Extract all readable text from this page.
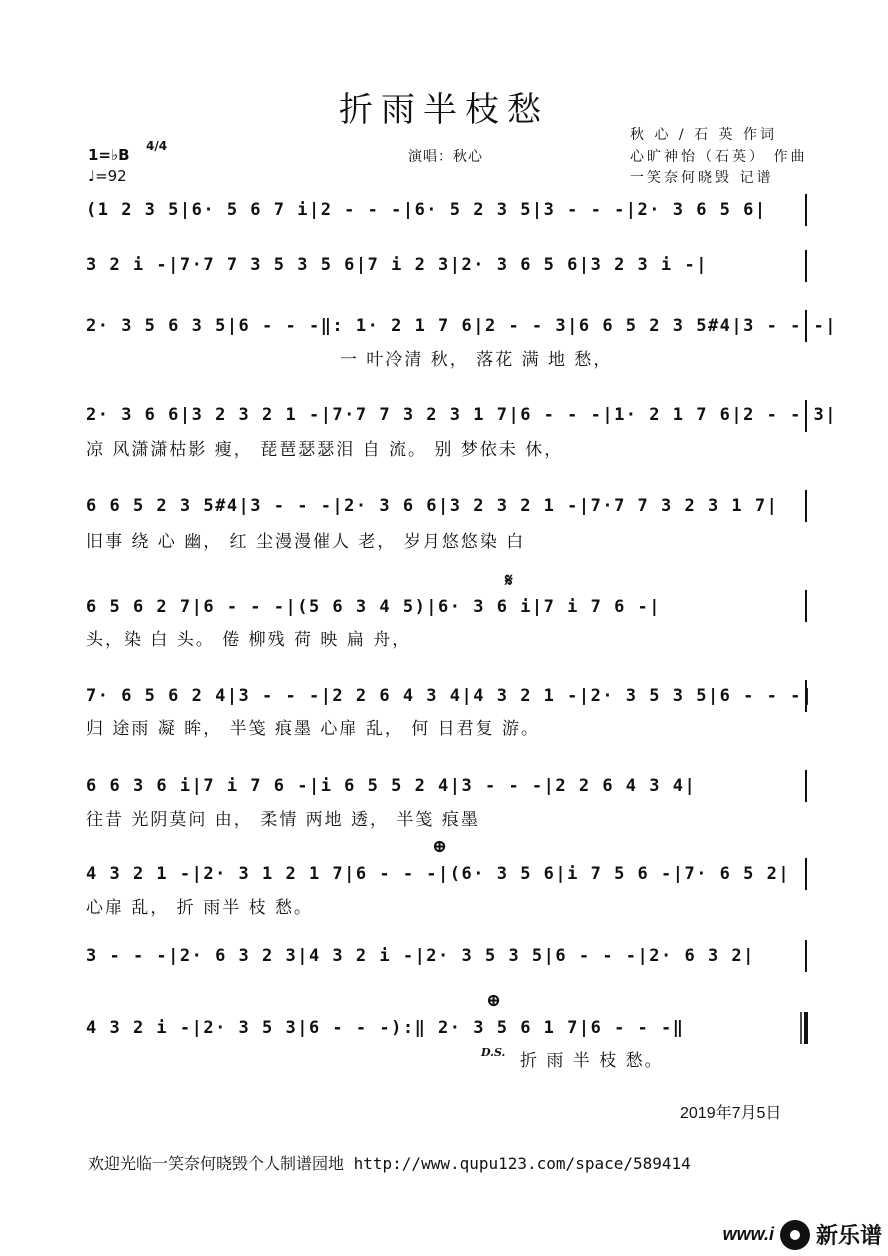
折雨半枝愁
秋 心 / 石 英 作词
心旷神怡（石英） 作曲
一笑奈何晓毁 记谱
1=♭B 4/4
♩=92
演唱：秋心
(1 2 3 5|6· 5 6 7 i|2 - - -|6· 5 2 3 5|3 - - -|2· 3 6 5 6|
3 2 i -|7·7 7 3 5 3 5 6|7 i 2 3|2· 3 6 5 6|3 2 3 i -|
2· 3 5 6 3 5|6 - - -‖: 1· 2 1 7 6|2 - - 3|6 6 5 2 3 5#4|3 - - -|
一 叶冷清 秋， 落花 满 地 愁，
2· 3 6 6|3 2 3 2 1 -|7·7 7 3 2 3 1 7|6 - - -|1· 2 1 7 6|2 - - 3|
凉 风潇潇枯影 瘦， 琵琶瑟瑟泪 自 流。 别 梦依未 休，
6 6 5 2 3 5#4|3 - - -|2· 3 6 6|3 2 3 2 1 -|7·7 7 3 2 3 1 7|
旧事 绕 心 幽， 红 尘漫漫催人 老， 岁月悠悠染 白
𝄋
6 5 6 2 7|6 - - -|(5 6 3 4 5)|6· 3 6 i|7 i 7 6 -|
头，染 白 头。 倦 柳残 荷 映 扁 舟，
7· 6 5 6 2 4|3 - - -|2 2 6 4 3 4|4 3 2 1 -|2· 3 5 3 5|6 - - -|
归 途雨 凝 眸， 半笺 痕墨 心扉 乱， 何 日君复 游。
6 6 3 6 i|7 i 7 6 -|i 6 5 5 2 4|3 - - -|2 2 6 4 3 4|
往昔 光阴莫问 由， 柔情 两地 透， 半笺 痕墨
⊕
4 3 2 1 -|2· 3 1 2 1 7|6 - - -|(6· 3 5 6|i 7 5 6 -|7· 6 5 2|
心扉 乱， 折 雨半 枝 愁。
3 - - -|2· 6 3 2 3|4 3 2 i -|2· 3 5 3 5|6 - - -|2· 6 3 2|
⊕
4 3 2 i -|2· 3 5 3|6 - - -):‖ 2· 3 5 6 1 7|6 - - -‖
D.S. 折 雨 半 枝 愁。
2019年7月5日
欢迎光临一笑奈何晓毁个人制谱园地 http://www.qupu123.com/space/589414
www.i 新乐谱
